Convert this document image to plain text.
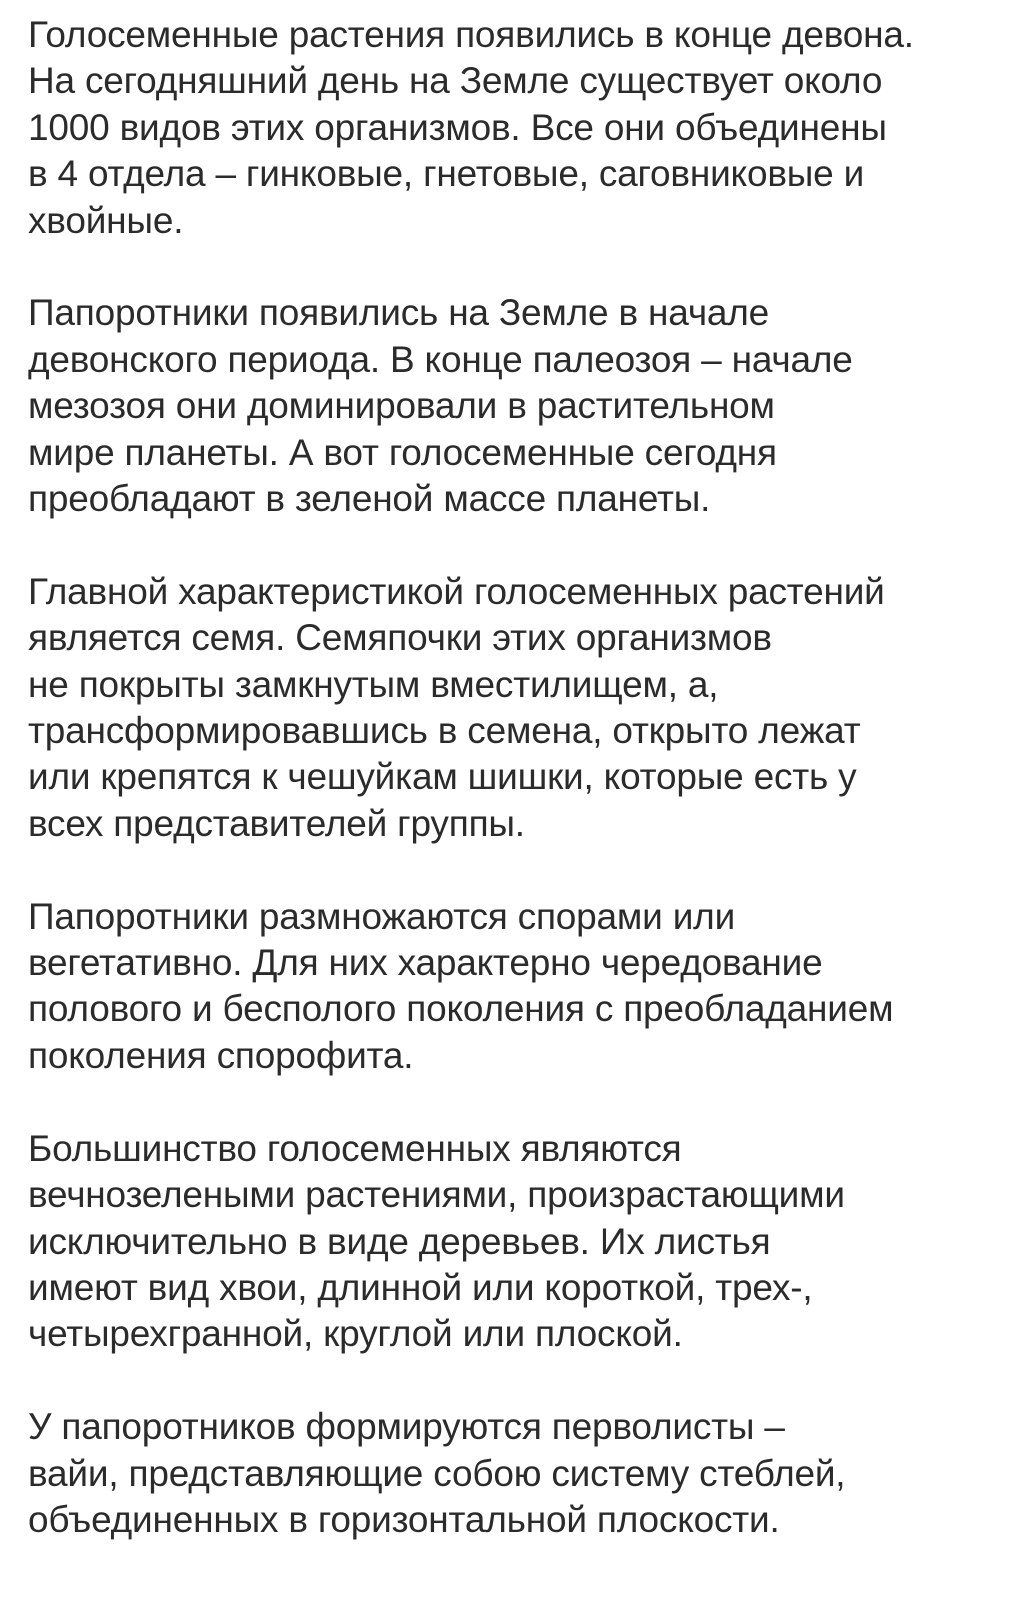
Голосеменные растения появились в конце девона.
На сегодняшний день на Земле существует около
1000 видов этих организмов. Все они объединены
в 4 отдела – гинковые, гнетовые, саговниковые и
хвойные.

Папоротники появились на Земле в начале
девонского периода. В конце палеозоя – начале
мезозоя они доминировали в растительном
мире планеты. А вот голосеменные сегодня
преобладают в зеленой массе планеты.

Главной характеристикой голосеменных растений
является семя. Семяпочки этих организмов
не покрыты замкнутым вместилищем, а,
трансформировавшись в семена, открыто лежат
или крепятся к чешуйкам шишки, которые есть у
всех представителей группы.

Папоротники размножаются спорами или
вегетативно. Для них характерно чередование
полового и бесполого поколения с преобладанием
поколения спорофита.

Большинство голосеменных являются
вечнозелеными растениями, произрастающими
исключительно в виде деревьев. Их листья
имеют вид хвои, длинной или короткой, трех-,
четырехгранной, круглой или плоской.

У папоротников формируются перволисты –
вайи, представляющие собою систему стеблей,
объединенных в горизонтальной плоскости.
